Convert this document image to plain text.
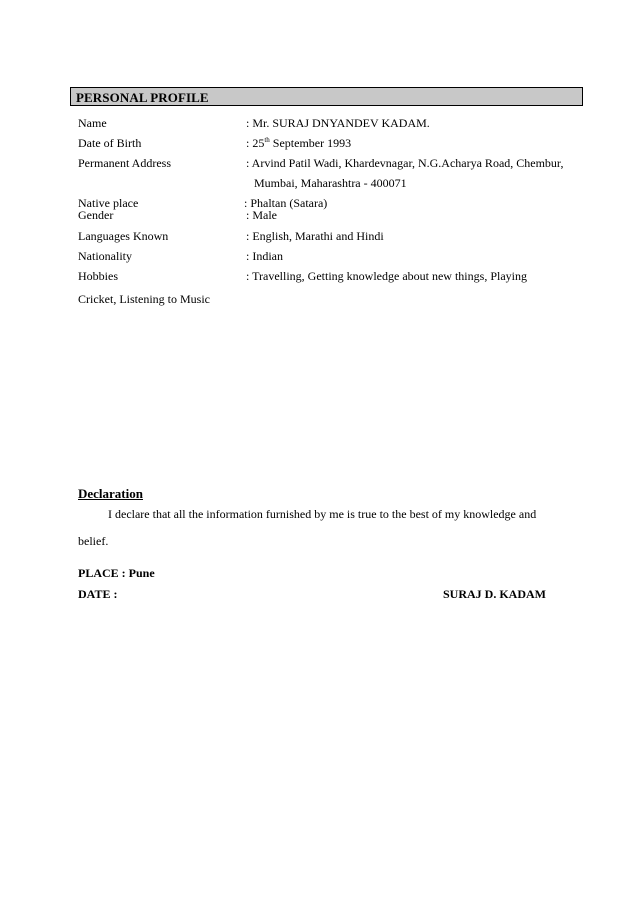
PERSONAL PROFILE
Name	: Mr. SURAJ DNYANDEV KADAM.
Date of Birth	: 25th September 1993
Permanent Address	: Arvind Patil Wadi, Khardevnagar, N.G.Acharya Road, Chembur,
Mumbai, Maharashtra - 400071
Native place	: Phaltan (Satara)
Gender	: Male
Languages Known	: English, Marathi and Hindi
Nationality	: Indian
Hobbies	: Travelling, Getting knowledge about new things, Playing
Cricket, Listening to Music
Declaration
I declare that all the information furnished by me is true to the best of my knowledge and
belief.
PLACE : Pune
DATE :	SURAJ D. KADAM
